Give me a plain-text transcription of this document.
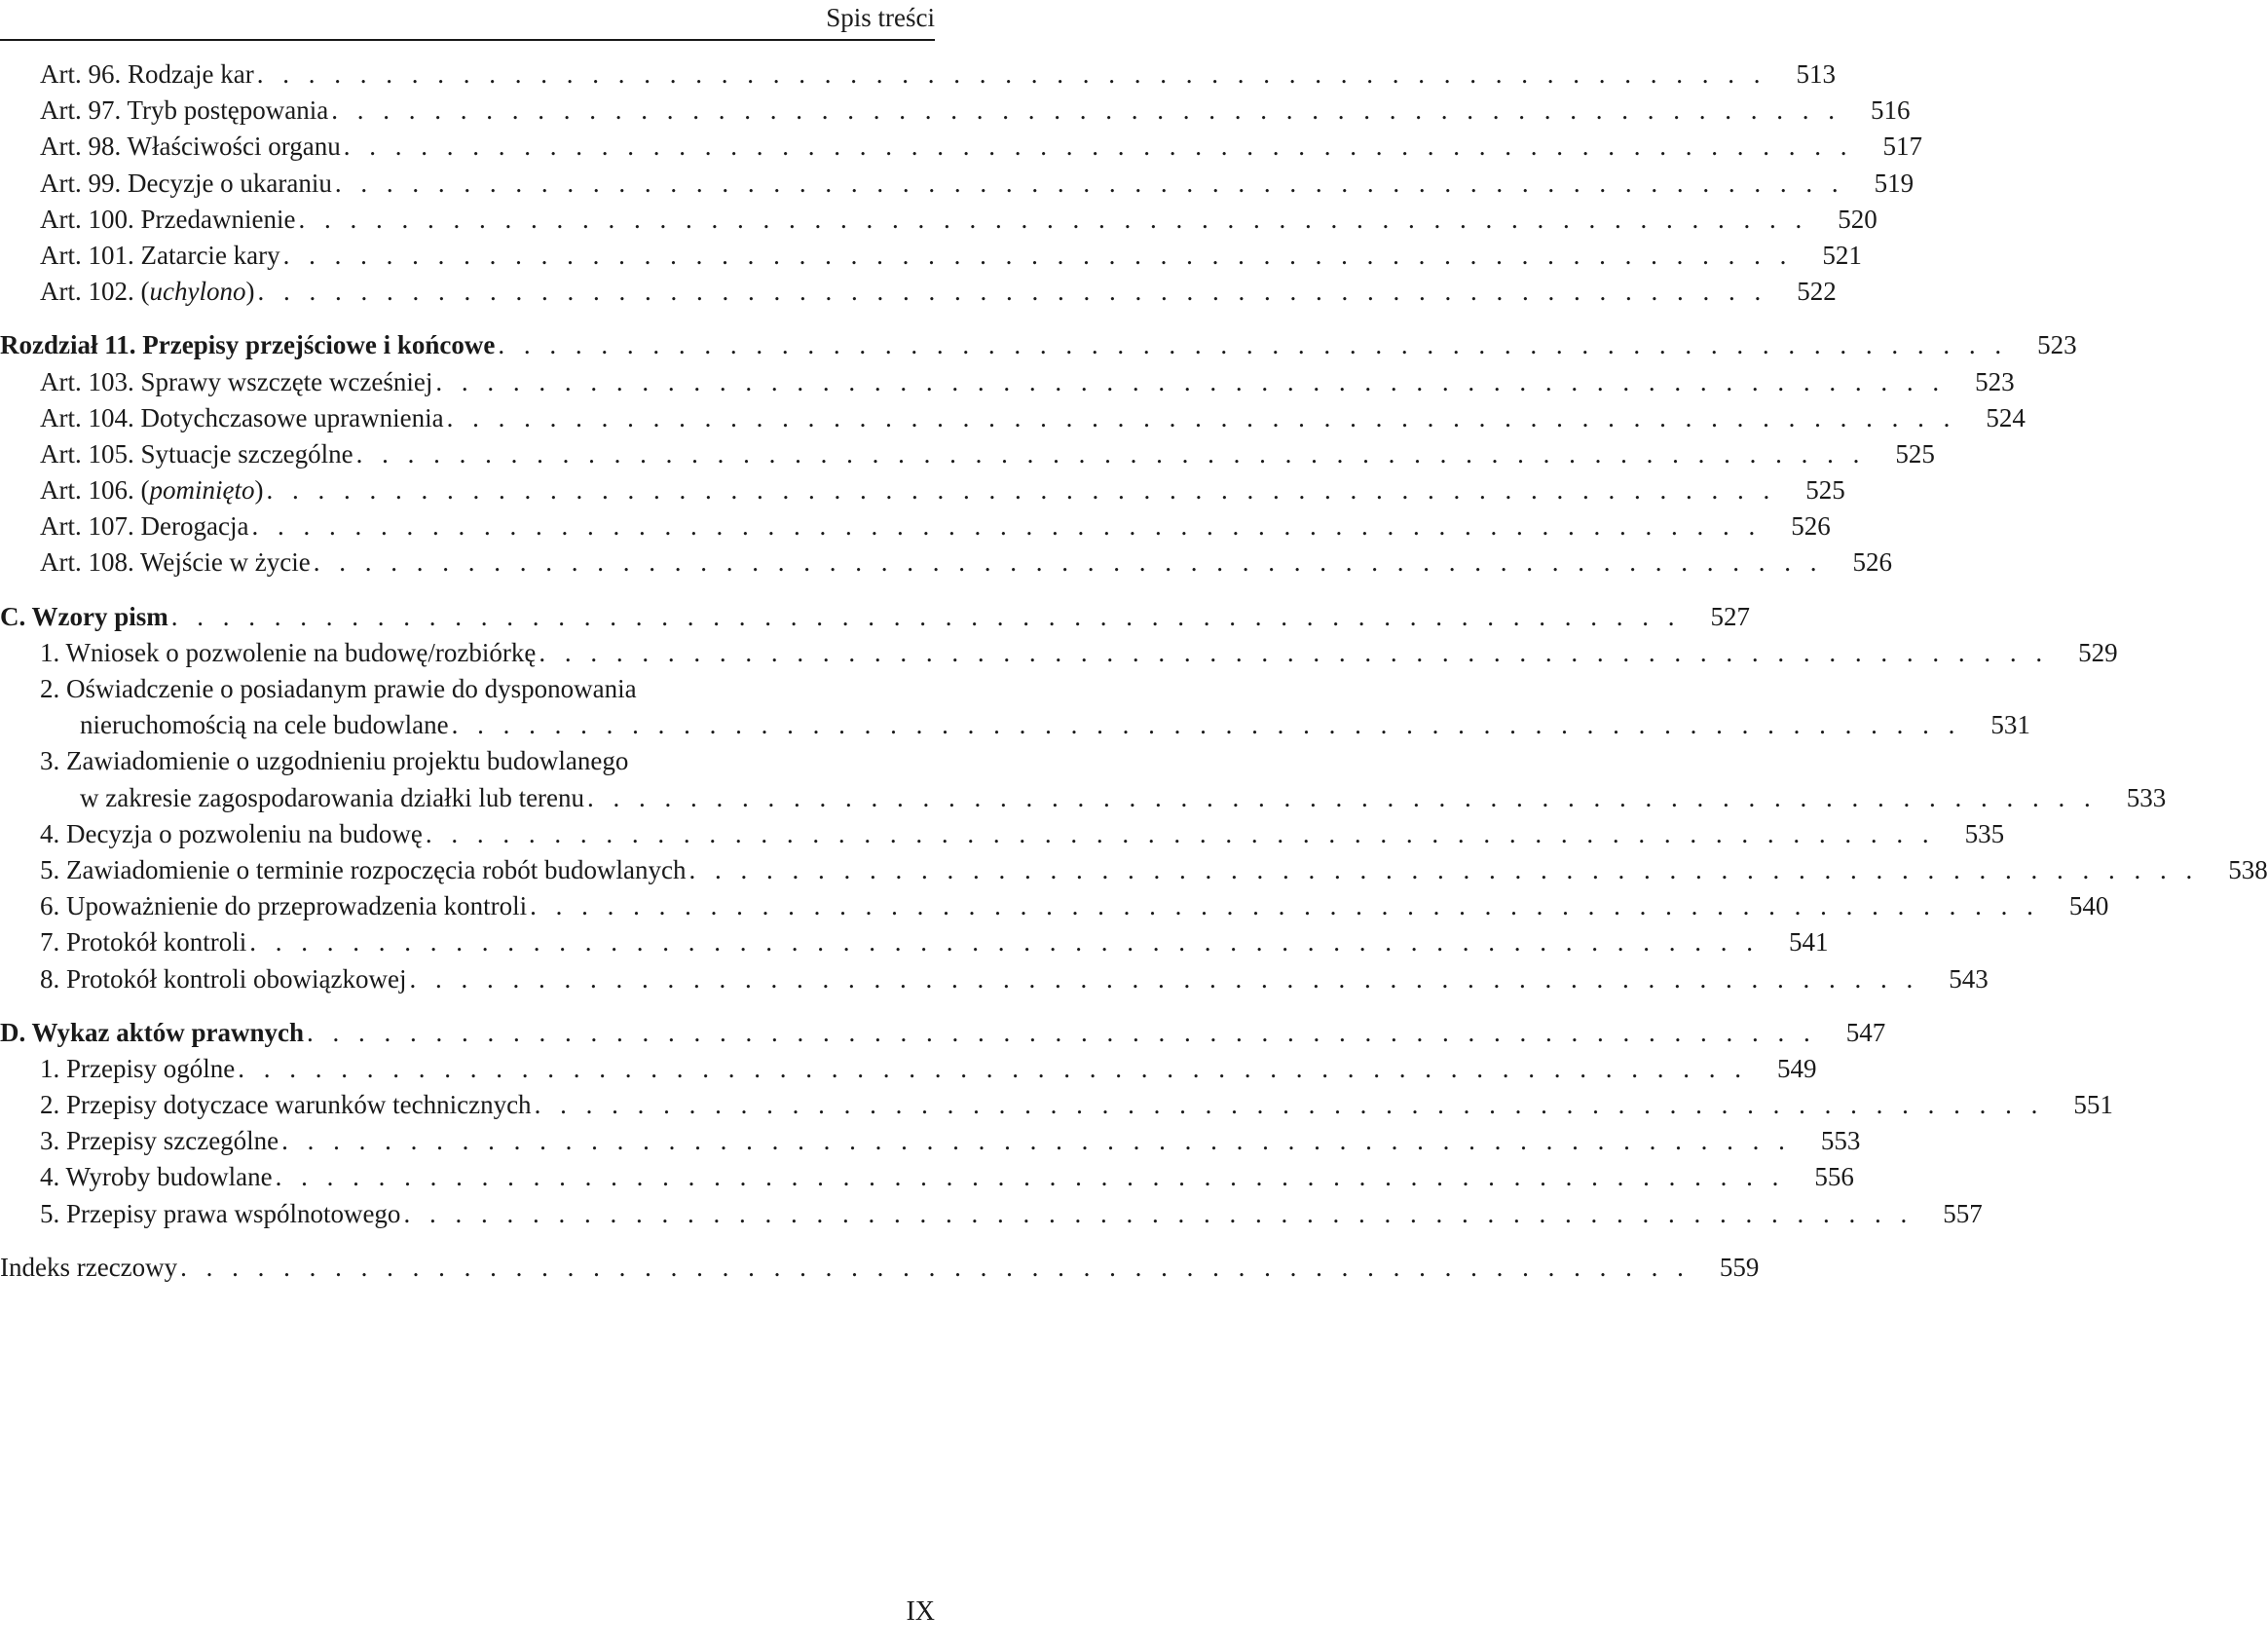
Spis treści
Art. 96. Rodzaje kar . . . . . . . . . . . . . . . . . . . . . . . . . . . . . . . . . . . . . . . . . . . . . . . . . . . . . . . . . . .	513
Art. 97. Tryb postępowania . . . . . . . . . . . . . . . . . . . . . . . . . . . . . . . . . . . . . . . . . . . . . . . . . . . . . . . . . . .	516
Art. 98. Właściwości organu . . . . . . . . . . . . . . . . . . . . . . . . . . . . . . . . . . . . . . . . . . . . . . . . . . . . . . . . . . .	517
Art. 99. Decyzje o ukaraniu . . . . . . . . . . . . . . . . . . . . . . . . . . . . . . . . . . . . . . . . . . . . . . . . . . . . . . . . . . .	519
Art. 100. Przedawnienie . . . . . . . . . . . . . . . . . . . . . . . . . . . . . . . . . . . . . . . . . . . . . . . . . . . . . . . . . . .	520
Art. 101. Zatarcie kary . . . . . . . . . . . . . . . . . . . . . . . . . . . . . . . . . . . . . . . . . . . . . . . . . . . . . . . . . . .	521
Art. 102. (uchylono) . . . . . . . . . . . . . . . . . . . . . . . . . . . . . . . . . . . . . . . . . . . . . . . . . . . . . . . . . . .	522
Rozdział 11. Przepisy przejściowe i końcowe . . . . . . . . . . . . . . . . . . . . . . . . . . . . . . . . . . . . . . . . . . . . . . . . . . . . . . . . . . .	523
Art. 103. Sprawy wszczęte wcześniej . . . . . . . . . . . . . . . . . . . . . . . . . . . . . . . . . . . . . . . . . . . . . . . . . . . . . . . . . . .	523
Art. 104. Dotychczasowe uprawnienia . . . . . . . . . . . . . . . . . . . . . . . . . . . . . . . . . . . . . . . . . . . . . . . . . . . . . . . . . . .	524
Art. 105. Sytuacje szczególne . . . . . . . . . . . . . . . . . . . . . . . . . . . . . . . . . . . . . . . . . . . . . . . . . . . . . . . . . . .	525
Art. 106. (pominięto) . . . . . . . . . . . . . . . . . . . . . . . . . . . . . . . . . . . . . . . . . . . . . . . . . . . . . . . . . . .	525
Art. 107. Derogacja . . . . . . . . . . . . . . . . . . . . . . . . . . . . . . . . . . . . . . . . . . . . . . . . . . . . . . . . . . .	526
Art. 108. Wejście w życie . . . . . . . . . . . . . . . . . . . . . . . . . . . . . . . . . . . . . . . . . . . . . . . . . . . . . . . . . . .	526
C. Wzory pism . . . . . . . . . . . . . . . . . . . . . . . . . . . . . . . . . . . . . . . . . . . . . . . . . . . . . . . . . . .	527
1. Wniosek o pozwolenie na budowę/rozbiórkę . . . . . . . . . . . . . . . . . . . . . . . . . . . . . . . . . . . . . . . . . . . . . . . . . . . . . . . . . . .	529
2. Oświadczenie o posiadanym prawie do dysponowania
nieruchomością na cele budowlane . . . . . . . . . . . . . . . . . . . . . . . . . . . . . . . . . . . . . . . . . . . . . . . . . . . . . . . . . . .	531
3. Zawiadomienie o uzgodnieniu projektu budowlanego
w zakresie zagospodarowania działki lub terenu . . . . . . . . . . . . . . . . . . . . . . . . . . . . . . . . . . . . . . . . . . . . . . . . . . . . . . . . . . .	533
4. Decyzja o pozwoleniu na budowę . . . . . . . . . . . . . . . . . . . . . . . . . . . . . . . . . . . . . . . . . . . . . . . . . . . . . . . . . . .	535
5. Zawiadomienie o terminie rozpoczęcia robót budowlanych . . . . . . . . . . . . . . . . . . . . . . . . . . . . . . . . . . . . . . . . . . . . . . . . . . . . . . . . . . .	538
6. Upoważnienie do przeprowadzenia kontroli . . . . . . . . . . . . . . . . . . . . . . . . . . . . . . . . . . . . . . . . . . . . . . . . . . . . . . . . . . .	540
7. Protokół kontroli . . . . . . . . . . . . . . . . . . . . . . . . . . . . . . . . . . . . . . . . . . . . . . . . . . . . . . . . . . .	541
8. Protokół kontroli obowiązkowej . . . . . . . . . . . . . . . . . . . . . . . . . . . . . . . . . . . . . . . . . . . . . . . . . . . . . . . . . . .	543
D. Wykaz aktów prawnych . . . . . . . . . . . . . . . . . . . . . . . . . . . . . . . . . . . . . . . . . . . . . . . . . . . . . . . . . . .	547
1. Przepisy ogólne . . . . . . . . . . . . . . . . . . . . . . . . . . . . . . . . . . . . . . . . . . . . . . . . . . . . . . . . . . .	549
2. Przepisy dotyczace warunków technicznych . . . . . . . . . . . . . . . . . . . . . . . . . . . . . . . . . . . . . . . . . . . . . . . . . . . . . . . . . . .	551
3. Przepisy szczególne . . . . . . . . . . . . . . . . . . . . . . . . . . . . . . . . . . . . . . . . . . . . . . . . . . . . . . . . . . .	553
4. Wyroby budowlane . . . . . . . . . . . . . . . . . . . . . . . . . . . . . . . . . . . . . . . . . . . . . . . . . . . . . . . . . . .	556
5. Przepisy prawa wspólnotowego . . . . . . . . . . . . . . . . . . . . . . . . . . . . . . . . . . . . . . . . . . . . . . . . . . . . . . . . . . .	557
Indeks rzeczowy . . . . . . . . . . . . . . . . . . . . . . . . . . . . . . . . . . . . . . . . . . . . . . . . . . . . . . . . . . .	559
IX
